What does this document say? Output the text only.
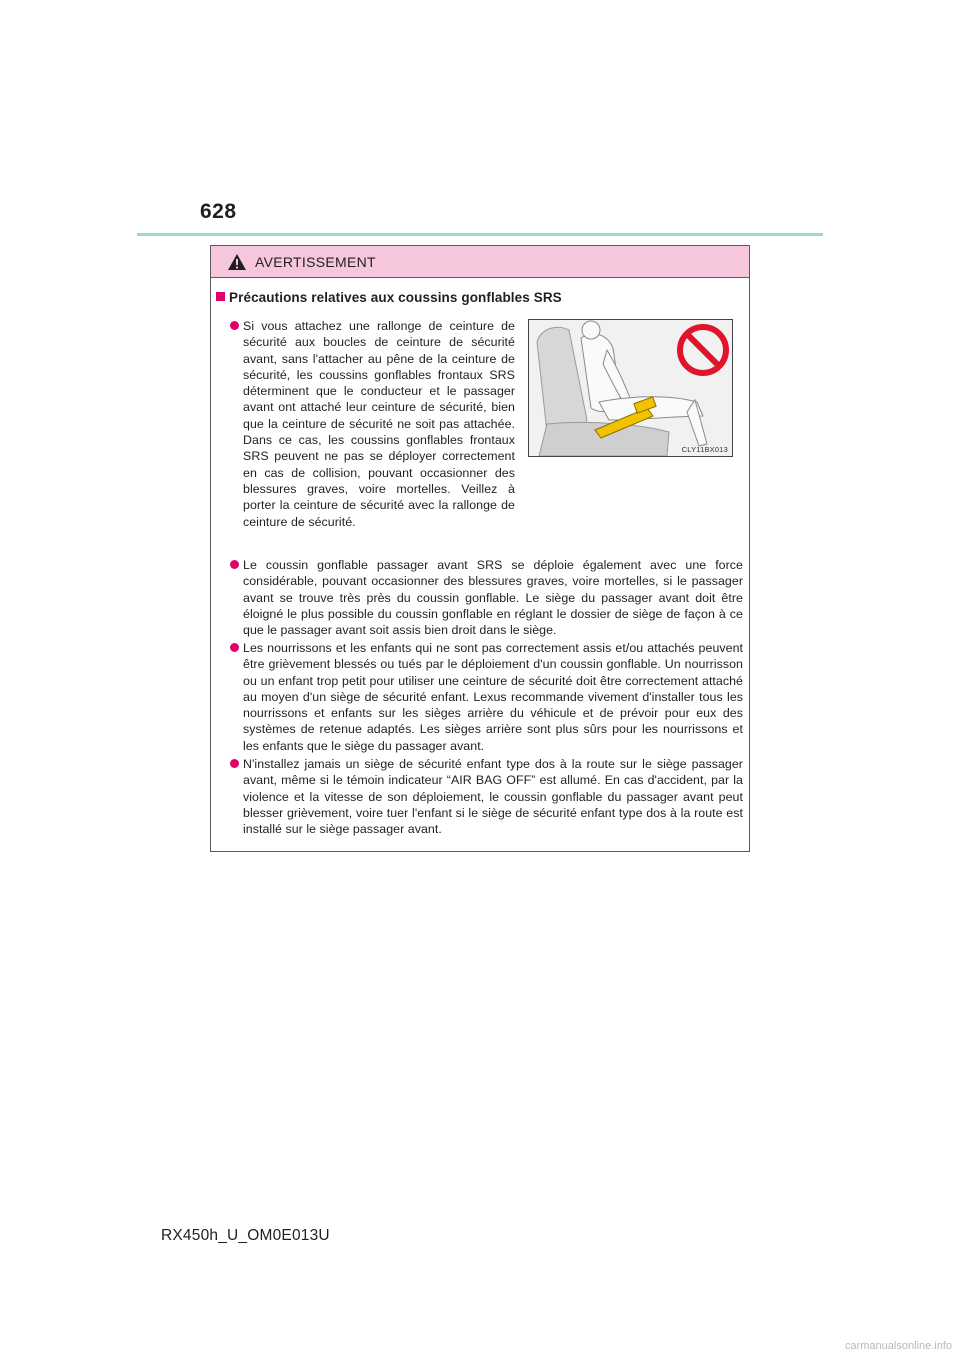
628
AVERTISSEMENT
Précautions relatives aux coussins gonflables SRS
Si vous attachez une rallonge de ceinture de sécurité aux boucles de ceinture de sécurité avant, sans l'attacher au pêne de la ceinture de sécurité, les coussins gonflables frontaux SRS déterminent que le conducteur et le passager avant ont attaché leur ceinture de sécurité, bien que la ceinture de sécurité ne soit pas attachée. Dans ce cas, les coussins gonflables frontaux SRS peuvent ne pas se déployer correctement en cas de collision, pouvant occasionner des blessures graves, voire mortelles. Veillez à porter la ceinture de sécurité avec la rallonge de ceinture de sécurité.
CLY11BX013
Le coussin gonflable passager avant SRS se déploie également avec une force considérable, pouvant occasionner des blessures graves, voire mortelles, si le passager avant se trouve très près du coussin gonflable. Le siège du passager avant doit être éloigné le plus possible du coussin gonflable en réglant le dossier de siège de façon à ce que le passager avant soit assis bien droit dans le siège.
Les nourrissons et les enfants qui ne sont pas correctement assis et/ou attachés peuvent être grièvement blessés ou tués par le déploiement d'un coussin gonflable. Un nourrisson ou un enfant trop petit pour utiliser une ceinture de sécurité doit être correctement attaché au moyen d'un siège de sécurité enfant. Lexus recommande vivement d'installer tous les nourrissons et enfants sur les sièges arrière du véhicule et de prévoir pour eux des systèmes de retenue adaptés. Les sièges arrière sont plus sûrs pour les nourrissons et les enfants que le siège du passager avant.
N'installez jamais un siège de sécurité enfant type dos à la route sur le siège passager avant, même si le témoin indicateur “AIR BAG OFF” est allumé. En cas d'accident, par la violence et la vitesse de son déploiement, le coussin gonflable du passager avant peut blesser grièvement, voire tuer l'enfant si le siège de sécurité enfant type dos à la route est installé sur le siège passager avant.
RX450h_U_OM0E013U
carmanualsonline.info
